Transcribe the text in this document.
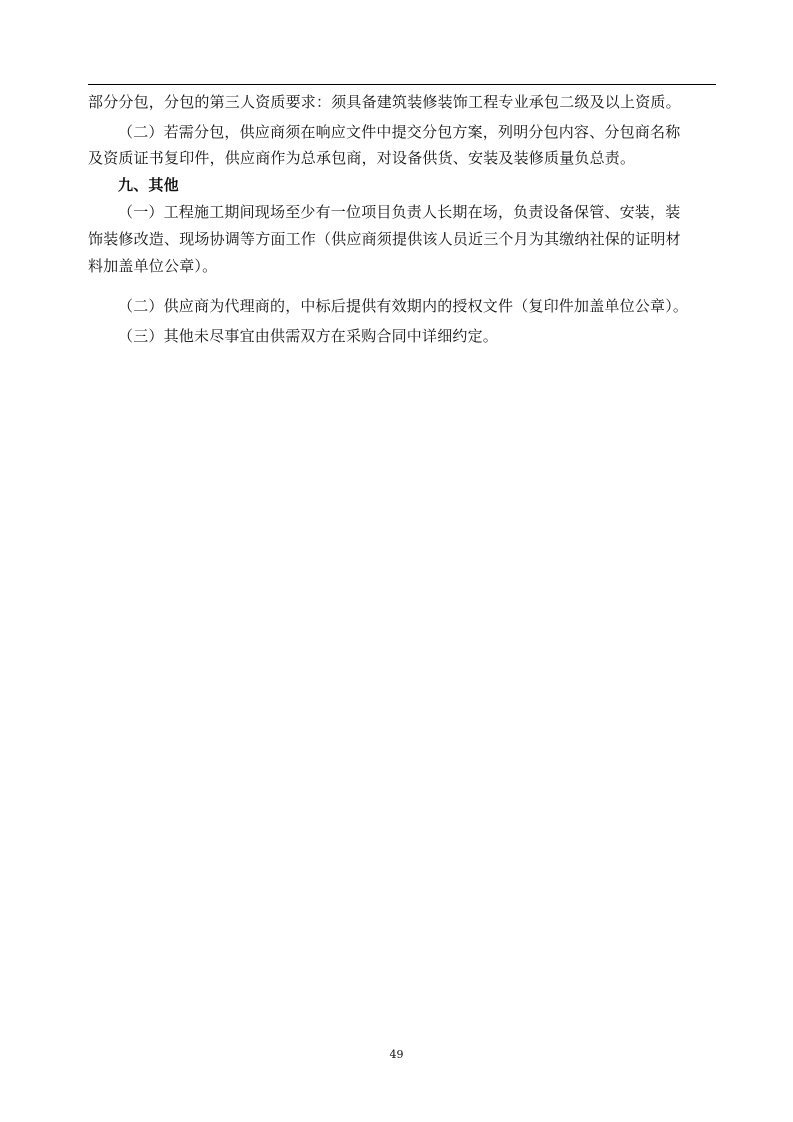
部分分包，分包的第三人资质要求：须具备建筑装修装饰工程专业承包二级及以上资质。
（二）若需分包，供应商须在响应文件中提交分包方案，列明分包内容、分包商名称
及资质证书复印件，供应商作为总承包商，对设备供货、安装及装修质量负总责。
九、其他
（一）工程施工期间现场至少有一位项目负责人长期在场，负责设备保管、安装，装
饰装修改造、现场协调等方面工作（供应商须提供该人员近三个月为其缴纳社保的证明材
料加盖单位公章）。
（二）供应商为代理商的，中标后提供有效期内的授权文件（复印件加盖单位公章）。
（三）其他未尽事宜由供需双方在采购合同中详细约定。
49
